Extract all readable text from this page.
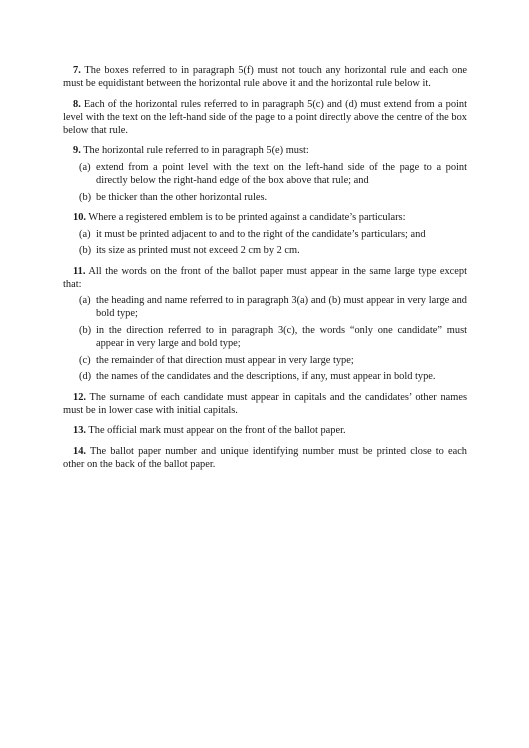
7. The boxes referred to in paragraph 5(f) must not touch any horizontal rule and each one must be equidistant between the horizontal rule above it and the horizontal rule below it.

8. Each of the horizontal rules referred to in paragraph 5(c) and (d) must extend from a point level with the text on the left-hand side of the page to a point directly above the centre of the box below that rule.

9. The horizontal rule referred to in paragraph 5(e) must:

(a) extend from a point level with the text on the left-hand side of the page to a point directly below the right-hand edge of the box above that rule; and
(b) be thicker than the other horizontal rules.

10. Where a registered emblem is to be printed against a candidate’s particulars:

(a) it must be printed adjacent to and to the right of the candidate’s particulars; and
(b) its size as printed must not exceed 2 cm by 2 cm.

11. All the words on the front of the ballot paper must appear in the same large type except that:

(a) the heading and name referred to in paragraph 3(a) and (b) must appear in very large and bold type;
(b) in the direction referred to in paragraph 3(c), the words “only one candidate” must appear in very large and bold type;
(c) the remainder of that direction must appear in very large type;
(d) the names of the candidates and the descriptions, if any, must appear in bold type.

12. The surname of each candidate must appear in capitals and the candidates’ other names must be in lower case with initial capitals.

13. The official mark must appear on the front of the ballot paper.

14. The ballot paper number and unique identifying number must be printed close to each other on the back of the ballot paper.
